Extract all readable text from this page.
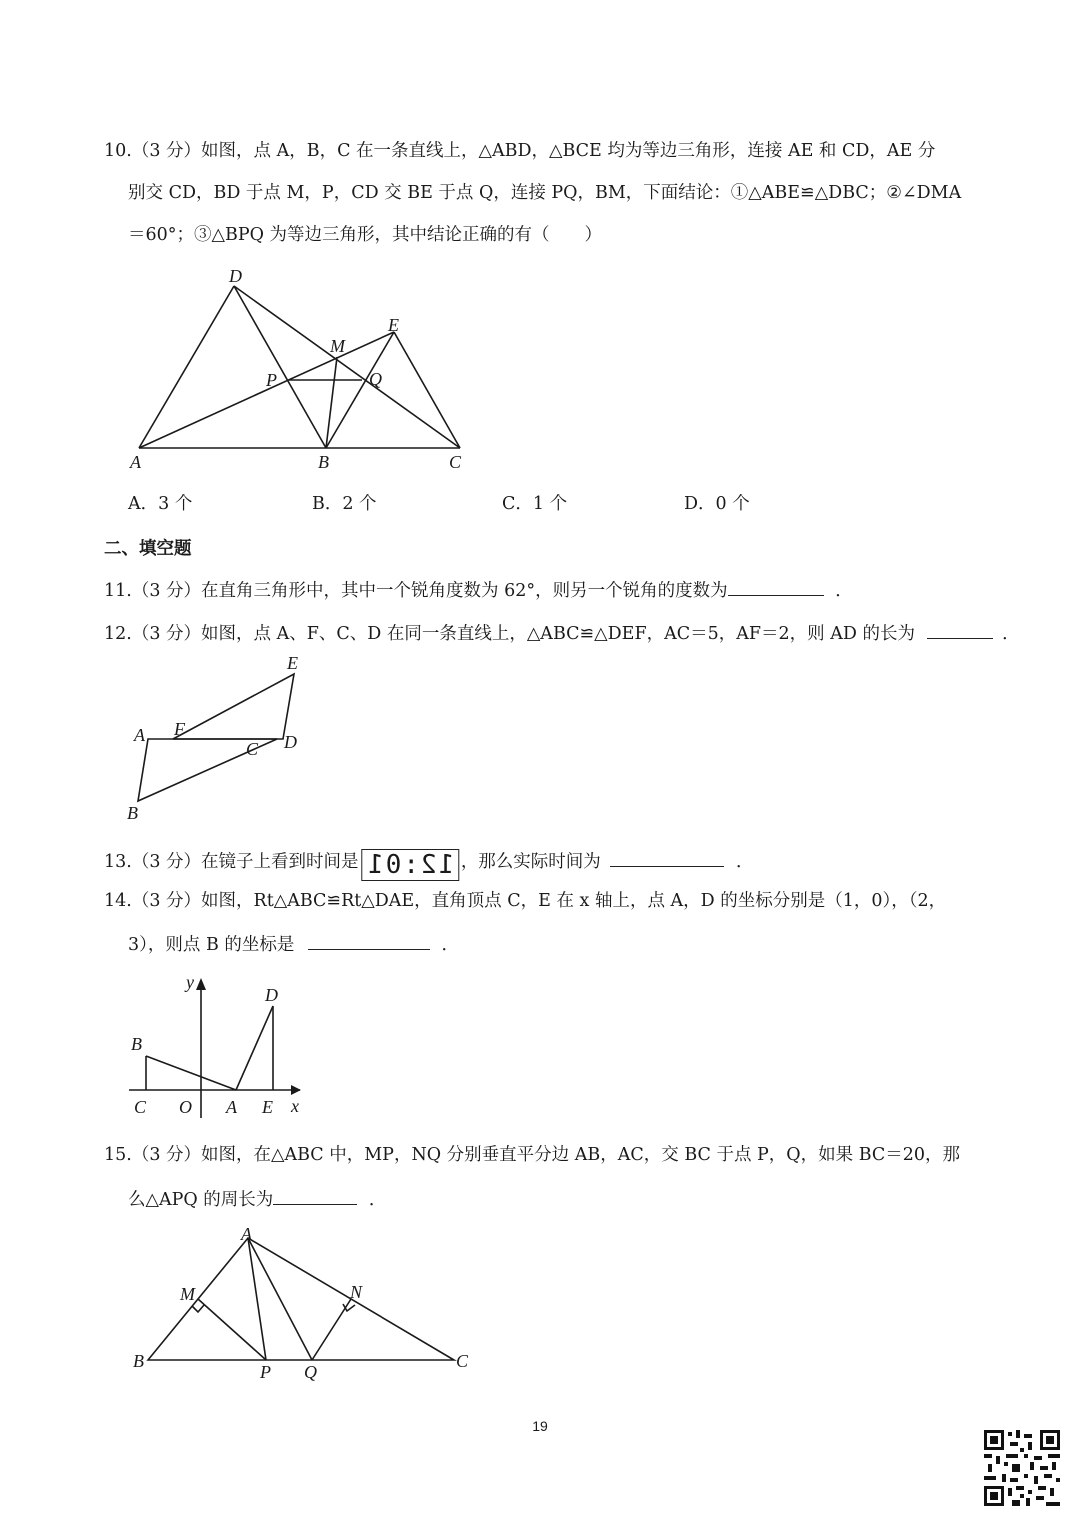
10.（3 分）如图，点 A，B，C 在一条直线上，△ABD，△BCE 均为等边三角形，连接 AE 和 CD，AE 分
别交 CD，BD 于点 M，P，CD 交 BE 于点 Q，连接 PQ，BM，下面结论：①△ABE≌△DBC；②∠DMA
＝60°；③△BPQ 为等边三角形，其中结论正确的有（　　）
D
E
M
P	Q
A	B	C
A．3 个	B．2 个	C．1 个	D．0 个
二、填空题
11.（3 分）在直角三角形中，其中一个锐角度数为 62°，则另一个锐角的度数为	．
12.（3 分）如图，点 A、F、C、D 在同一条直线上，△ABC≌△DEF，AC＝5，AF＝2，则 AD 的长为	．
E
A F
C D
B
13.（3 分）在镜子上看到时间是 12:01 ，那么实际时间为	．
14.（3 分）如图，Rt△ABC≌Rt△DAE，直角顶点 C，E 在 x 轴上，点 A，D 的坐标分别是（1，0），（2，
3），则点 B 的坐标是	．
y
D
B
C O A E x
15.（3 分）如图，在△ABC 中，MP，NQ 分别垂直平分边 AB，AC，交 BC 于点 P，Q，如果 BC＝20，那
么△APQ 的周长为	．
A
M	N
B
P Q
C
19
